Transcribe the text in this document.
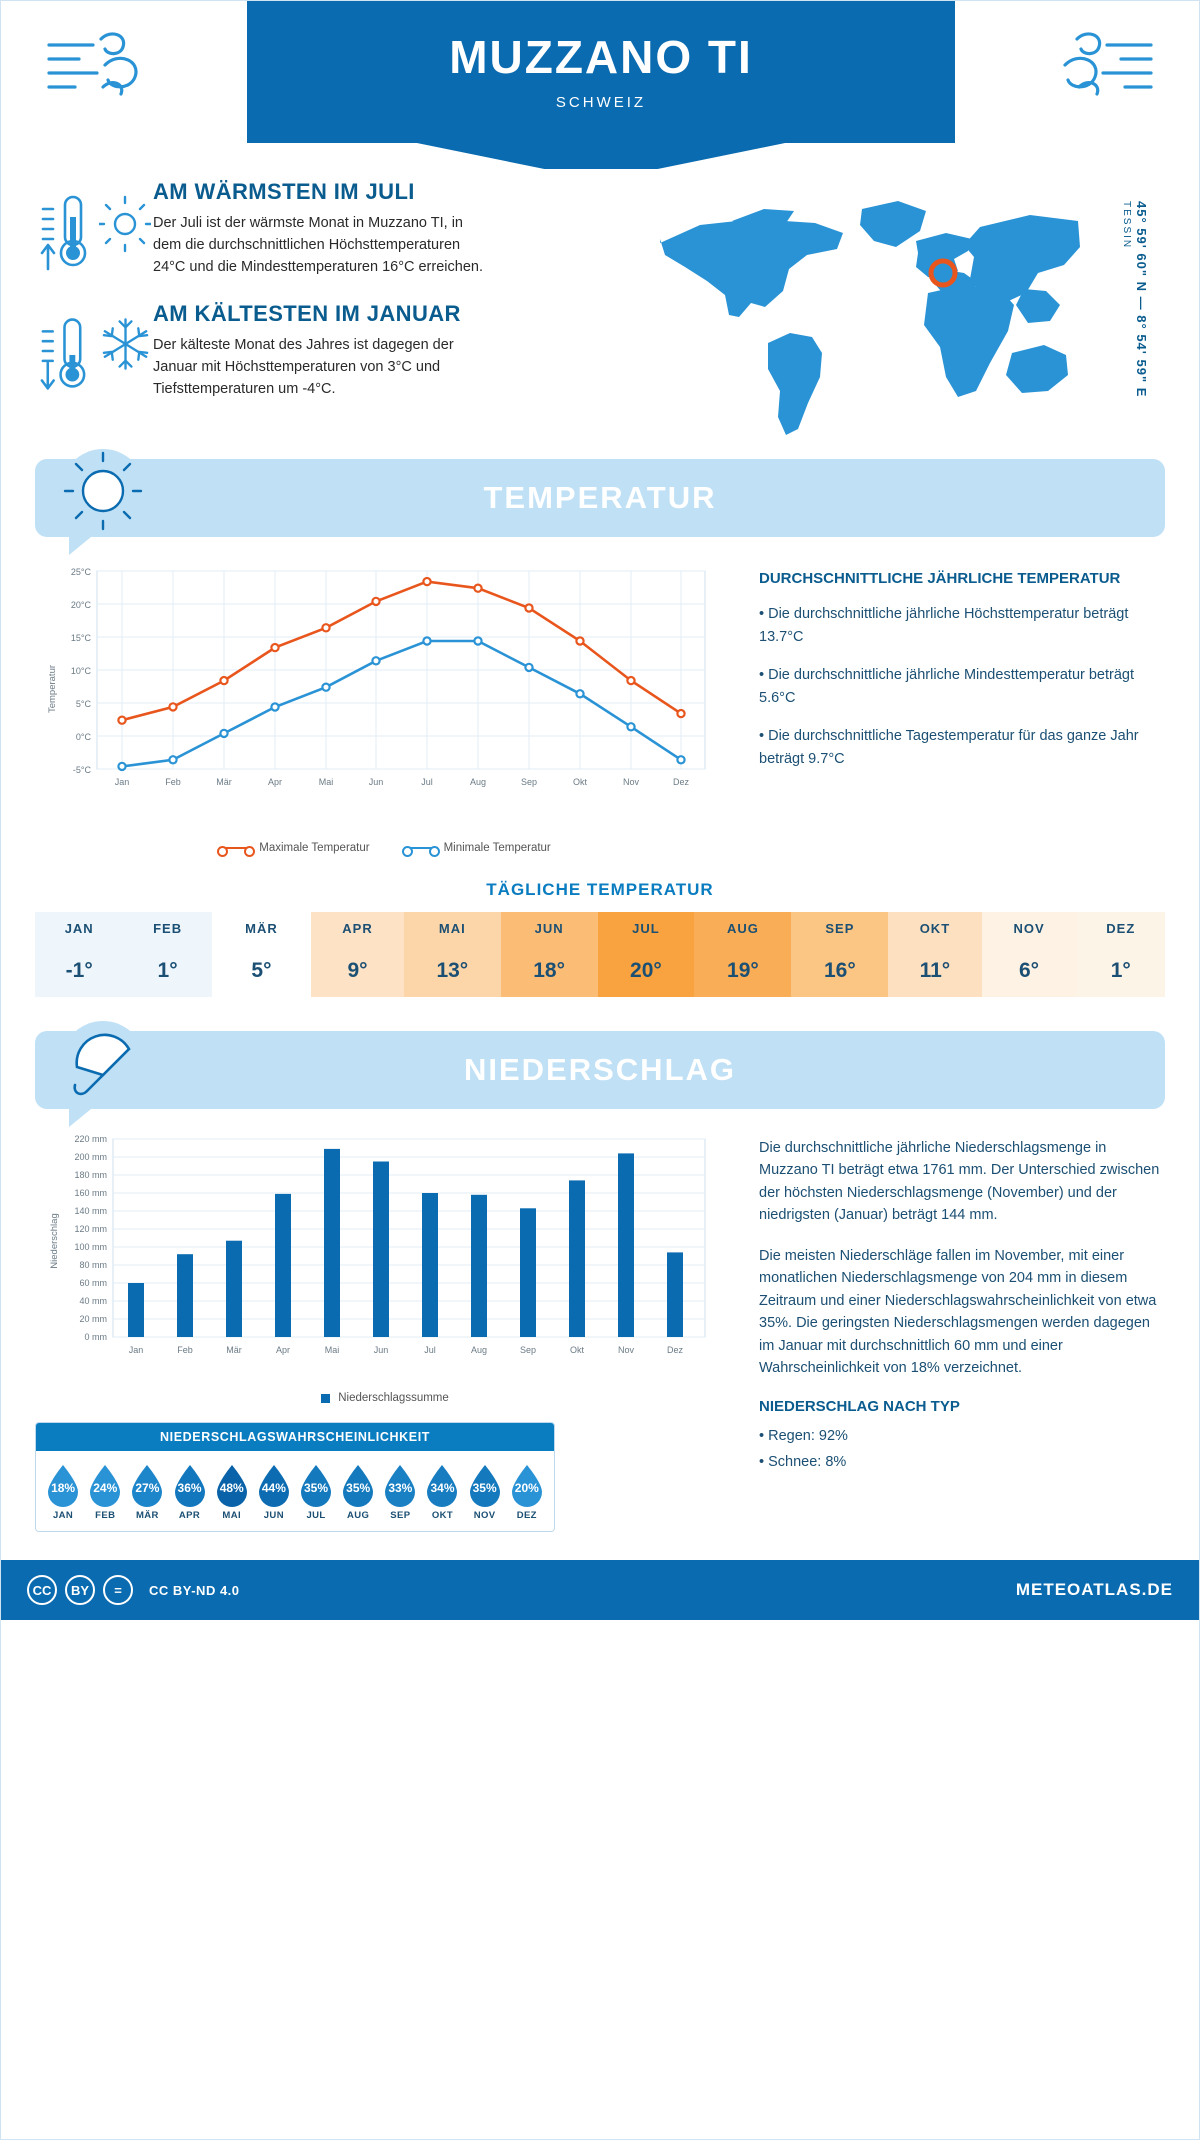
MUZZANO TI
SCHWEIZ
AM WÄRMSTEN IM JULI

Der Juli ist der wärmste Monat in Muzzano TI, in dem die durchschnittlichen Höchsttemperaturen 24°C und die Mindesttemperaturen 16°C erreichen.

AM KÄLTESTEN IM JANUAR

Der kälteste Monat des Jahres ist dagegen der Januar mit Höchsttemperaturen von 3°C und Tiefsttemperaturen um -4°C.	45° 59' 60" N — 8° 54' 59" E TESSIN
TEMPERATUR
25°C
20°C
15°C
10°C
5°C
0°C
-5°C
Temperatur
Jan	Feb	Mär	Apr	Mai	Jun	Jul	Aug	Sep	Okt	Nov	Dez
Maximale Temperatur	Minimale Temperatur
DURCHSCHNITTLICHE JÄHRLICHE TEMPERATUR

• Die durchschnittliche jährliche Höchsttemperatur beträgt 13.7°C

• Die durchschnittliche jährliche Mindesttemperatur beträgt 5.6°C

• Die durchschnittliche Tagestemperatur für das ganze Jahr beträgt 9.7°C

TÄGLICHE TEMPERATUR
JAN	FEB	MÄR	APR	MAI	JUN	JUL	AUG	SEP	OKT	NOV	DEZ
-1°	1°	5°	9°	13°	18°	20°	19°	16°	11°	6°	1°
NIEDERSCHLAG
220 mm
200 mm
180 mm
160 mm
140 mm
120 mm
100 mm
80 mm
60 mm
40 mm
20 mm
0 mm
Niederschlag
Jan	Feb	Mär	Apr	Mai	Jun	Jul	Aug	Sep	Okt	Nov	Dez
Niederschlagssumme
NIEDERSCHLAGSWAHRSCHEINLICHKEIT
18%
JAN
24%
FEB
27%
MÄR
36%
APR
48%
MAI
44%
JUN
35%
JUL
35%
AUG
33%
SEP
34%
OKT
35%
NOV
20%
DEZ

Die durchschnittliche jährliche Niederschlagsmenge in Muzzano TI beträgt etwa 1761 mm. Der Unterschied zwischen der höchsten Niederschlagsmenge (November) und der niedrigsten (Januar) beträgt 144 mm.

Die meisten Niederschläge fallen im November, mit einer monatlichen Niederschlagsmenge von 204 mm in diesem Zeitraum und einer Niederschlagswahrscheinlichkeit von etwa 35%. Die geringsten Niederschlagsmengen werden dagegen im Januar mit durchschnittlich 60 mm und einer Wahrscheinlichkeit von 18% verzeichnet.

NIEDERSCHLAG NACH TYP

• Regen: 92%

• Schnee: 8%

CC BY = CC BY-ND 4.0	METEOATLAS.DE
